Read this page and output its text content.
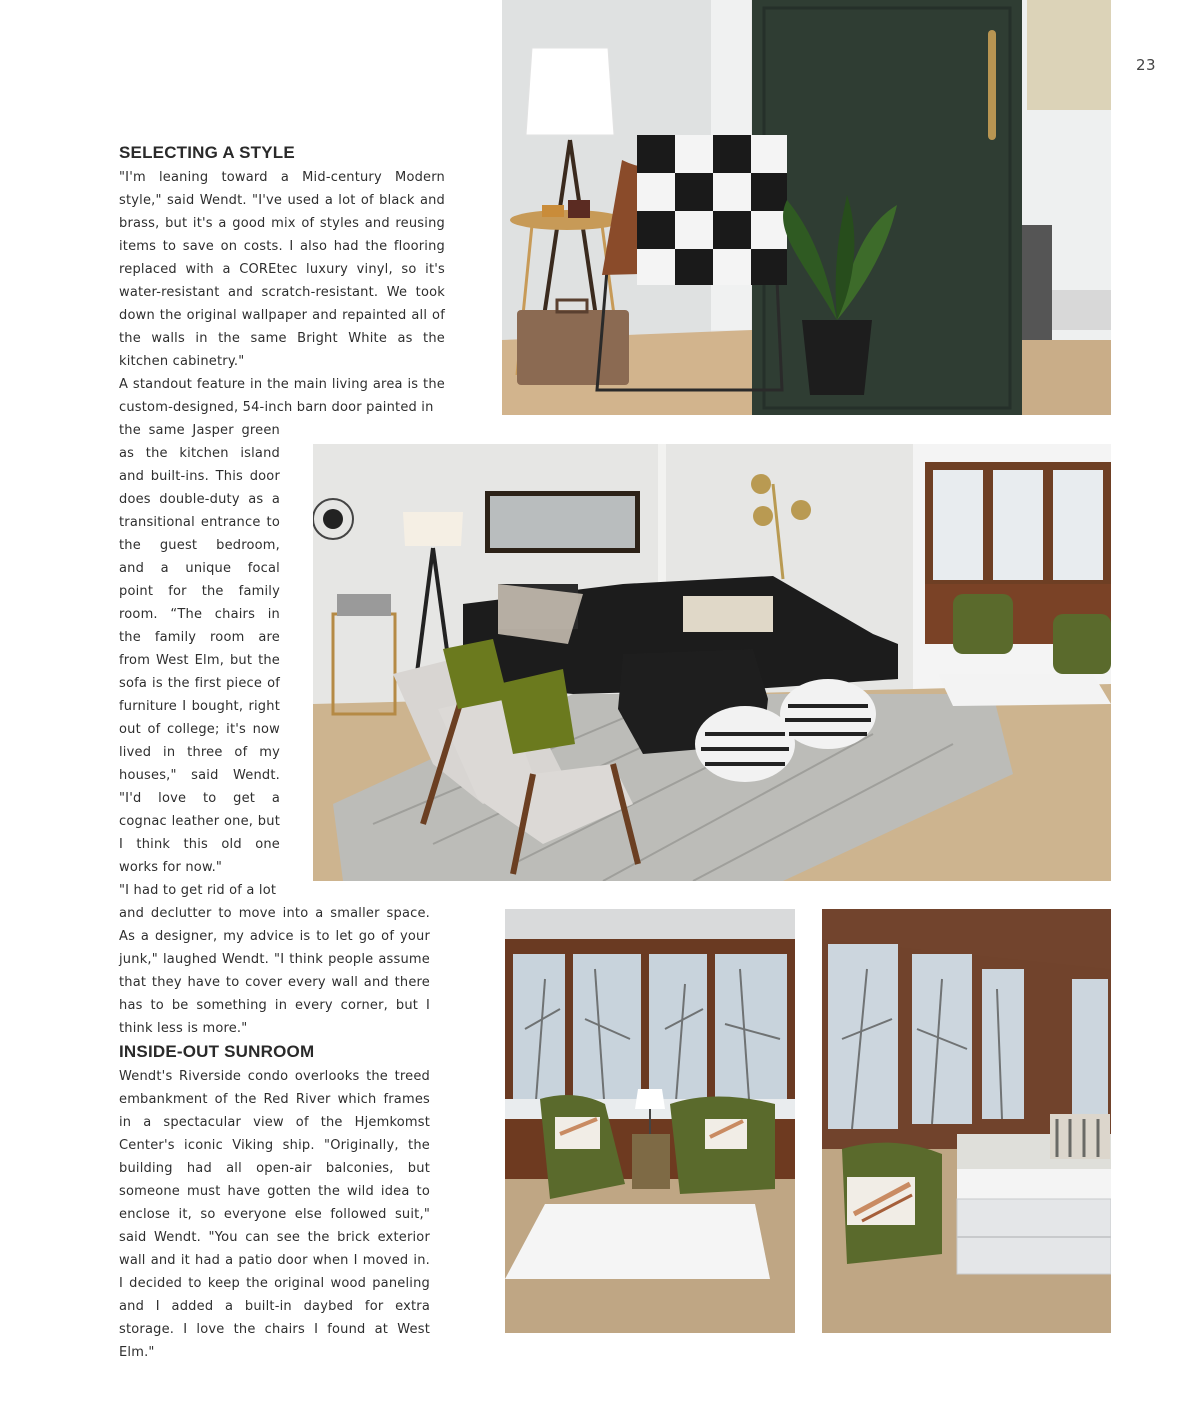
23
SELECTING A STYLE

"I'm leaning toward a Mid-century Modern style," said Wendt. "I've used a lot of black and brass, but it's a good mix of styles and reusing items to save on costs. I also had the flooring replaced with a COREtec luxury vinyl, so it's water-resistant and scratch-resistant. We took down the original wallpaper and repainted all of the walls in the same Bright White as the kitchen cabinetry."

A standout feature in the main living area is the custom-designed, 54-inch barn door painted in

the same Jasper green as the kitchen island and built-ins. This door does double-duty as a transitional entrance to the guest bedroom, and a unique focal point for the family room. “The chairs in the family room are from West Elm, but the sofa is the first piece of furniture I bought, right out of college; it's now lived in three of my houses," said Wendt. "I'd love to get a cognac leather one, but I think this old one works for now."

"I had to get rid of a lot

and declutter to move into a smaller space. As a designer, my advice is to let go of your junk," laughed Wendt. "I think people assume that they have to cover every wall and there has to be something in every corner, but I think less is more."

INSIDE-OUT SUNROOM

Wendt's Riverside condo overlooks the treed embankment of the Red River which frames in a spectacular view of the Hjemkomst Center's iconic Viking ship. "Originally, the building had all open-air balconies, but someone must have gotten the wild idea to enclose it, so everyone else followed suit," said Wendt. "You can see the brick exterior wall and it had a patio door when I moved in. I decided to keep the original wood paneling and I added a built-in daybed for extra storage. I love the chairs I found at West Elm."
